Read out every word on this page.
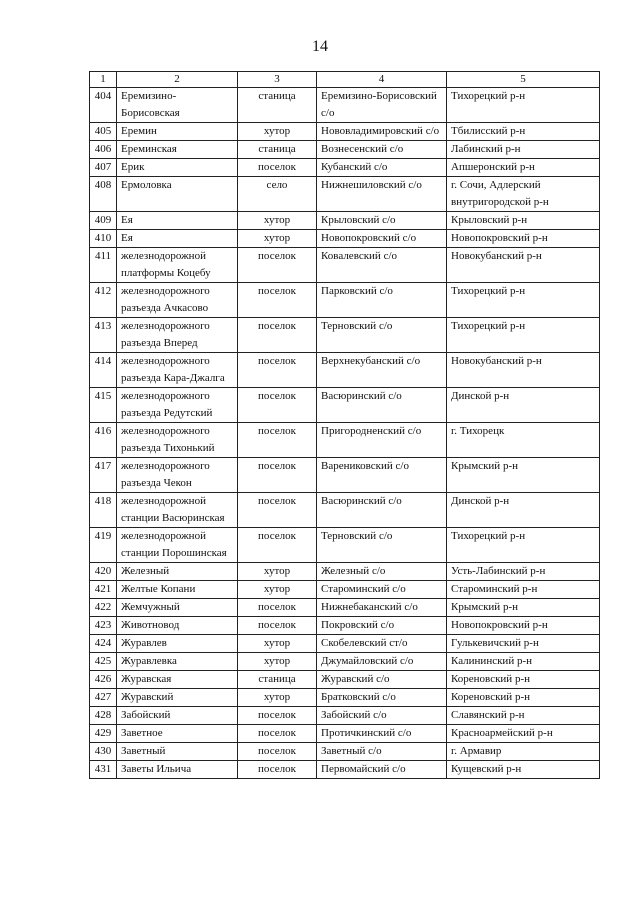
14
1	2	3	4	5
404	Еремизино-Борисовская	станица	Еремизино-Борисовский с/о	Тихорецкий р-н
405	Еремин	хутор	Нововладимировский с/о	Тбилисский р-н
406	Ереминская	станица	Вознесенский с/о	Лабинский р-н
407	Ерик	поселок	Кубанский с/о	Апшеронский р-н
408	Ермоловка	село	Нижнешиловский с/о	г. Сочи, Адлерский внутригородской р-н
409	Ея	хутор	Крыловский с/о	Крыловский р-н
410	Ея	хутор	Новопокровский с/о	Новопокровский р-н
411	железнодорожной платформы Коцебу	поселок	Ковалевский с/о	Новокубанский р-н
412	железнодорожного разъезда Ачкасово	поселок	Парковский с/о	Тихорецкий р-н
413	железнодорожного разъезда Вперед	поселок	Терновский с/о	Тихорецкий р-н
414	железнодорожного разъезда Кара-Джалга	поселок	Верхнекубанский с/о	Новокубанский р-н
415	железнодорожного разъезда Редутский	поселок	Васюринский с/о	Динской р-н
416	железнодорожного разъезда Тихонький	поселок	Пригородненский с/о	г. Тихорецк
417	железнодорожного разъезда Чекон	поселок	Варениковский с/о	Крымский р-н
418	железнодорожной станции Васюринская	поселок	Васюринский с/о	Динской р-н
419	железнодорожной станции Порошинская	поселок	Терновский с/о	Тихорецкий р-н
420	Железный	хутор	Железный с/о	Усть-Лабинский р-н
421	Желтые Копани	хутор	Староминский с/о	Староминский р-н
422	Жемчужный	поселок	Нижнебаканский с/о	Крымский р-н
423	Животновод	поселок	Покровский с/о	Новопокровский р-н
424	Журавлев	хутор	Скобелевский ст/о	Гулькевичский р-н
425	Журавлевка	хутор	Джумайловский с/о	Калининский р-н
426	Журавская	станица	Журавский с/о	Кореновский р-н
427	Журавский	хутор	Братковский с/о	Кореновский р-н
428	Забойский	поселок	Забойский с/о	Славянский р-н
429	Заветное	поселок	Протичкинский с/о	Красноармейский р-н
430	Заветный	поселок	Заветный с/о	г. Армавир
431	Заветы Ильича	поселок	Первомайский с/о	Кущевский р-н
